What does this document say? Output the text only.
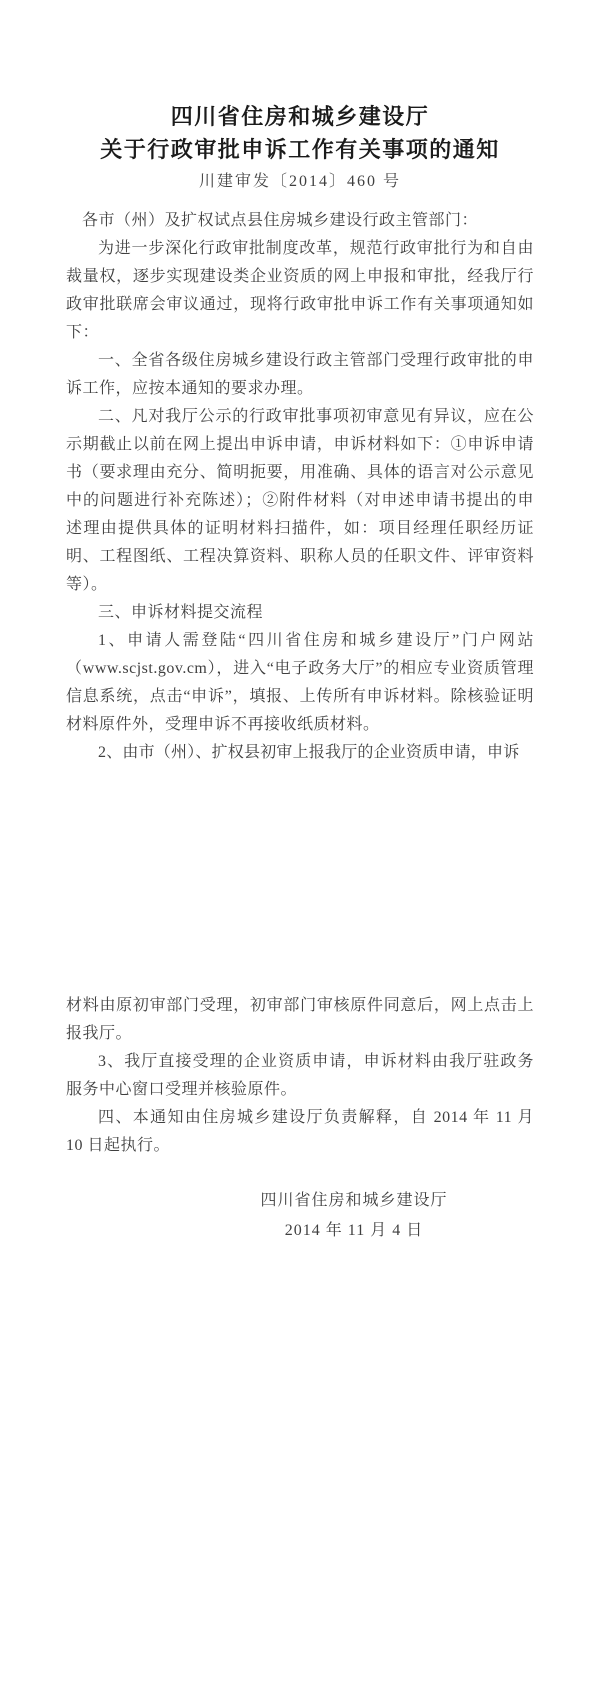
四川省住房和城乡建设厅
关于行政审批申诉工作有关事项的通知
川建审发〔2014〕460 号

各市（州）及扩权试点县住房城乡建设行政主管部门：

为进一步深化行政审批制度改革，规范行政审批行为和自由裁量权，逐步实现建设类企业资质的网上申报和审批，经我厅行政审批联席会审议通过，现将行政审批申诉工作有关事项通知如下：

一、全省各级住房城乡建设行政主管部门受理行政审批的申诉工作，应按本通知的要求办理。

二、凡对我厅公示的行政审批事项初审意见有异议，应在公示期截止以前在网上提出申诉申请，申诉材料如下：①申诉申请书（要求理由充分、简明扼要，用准确、具体的语言对公示意见中的问题进行补充陈述）；②附件材料（对申述申请书提出的申述理由提供具体的证明材料扫描件，如：项目经理任职经历证明、工程图纸、工程决算资料、职称人员的任职文件、评审资料等）。

三、申诉材料提交流程

1、申请人需登陆“四川省住房和城乡建设厅”门户网站（www.scjst.gov.cm），进入“电子政务大厅”的相应专业资质管理信息系统，点击“申诉”，填报、上传所有申诉材料。除核验证明材料原件外，受理申诉不再接收纸质材料。

2、由市（州）、扩权县初审上报我厅的企业资质申请，申诉

材料由原初审部门受理，初审部门审核原件同意后，网上点击上报我厅。

3、我厅直接受理的企业资质申请，申诉材料由我厅驻政务服务中心窗口受理并核验原件。

四、本通知由住房城乡建设厅负责解释，自 2014 年 11 月 10 日起执行。

四川省住房和城乡建设厅

2014 年 11 月 4 日
